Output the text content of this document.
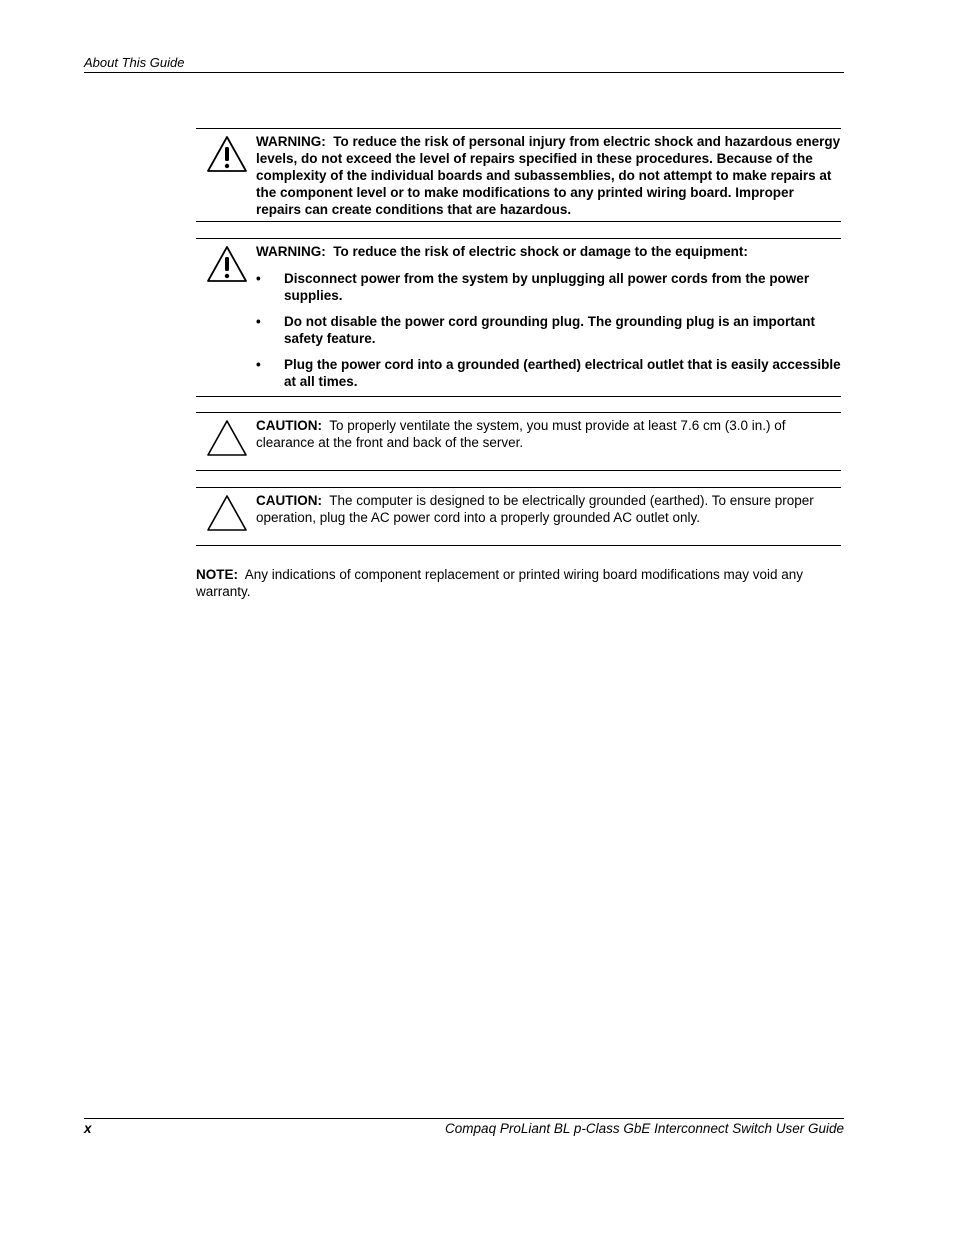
About This Guide
WARNING: To reduce the risk of personal injury from electric shock and hazardous energy levels, do not exceed the level of repairs specified in these procedures. Because of the complexity of the individual boards and subassemblies, do not attempt to make repairs at the component level or to make modifications to any printed wiring board. Improper repairs can create conditions that are hazardous.
WARNING: To reduce the risk of electric shock or damage to the equipment:
• Disconnect power from the system by unplugging all power cords from the power supplies.
• Do not disable the power cord grounding plug. The grounding plug is an important safety feature.
• Plug the power cord into a grounded (earthed) electrical outlet that is easily accessible at all times.
CAUTION: To properly ventilate the system, you must provide at least 7.6 cm (3.0 in.) of clearance at the front and back of the server.
CAUTION: The computer is designed to be electrically grounded (earthed). To ensure proper operation, plug the AC power cord into a properly grounded AC outlet only.
NOTE: Any indications of component replacement or printed wiring board modifications may void any warranty.
x	Compaq ProLiant BL p-Class GbE Interconnect Switch User Guide
